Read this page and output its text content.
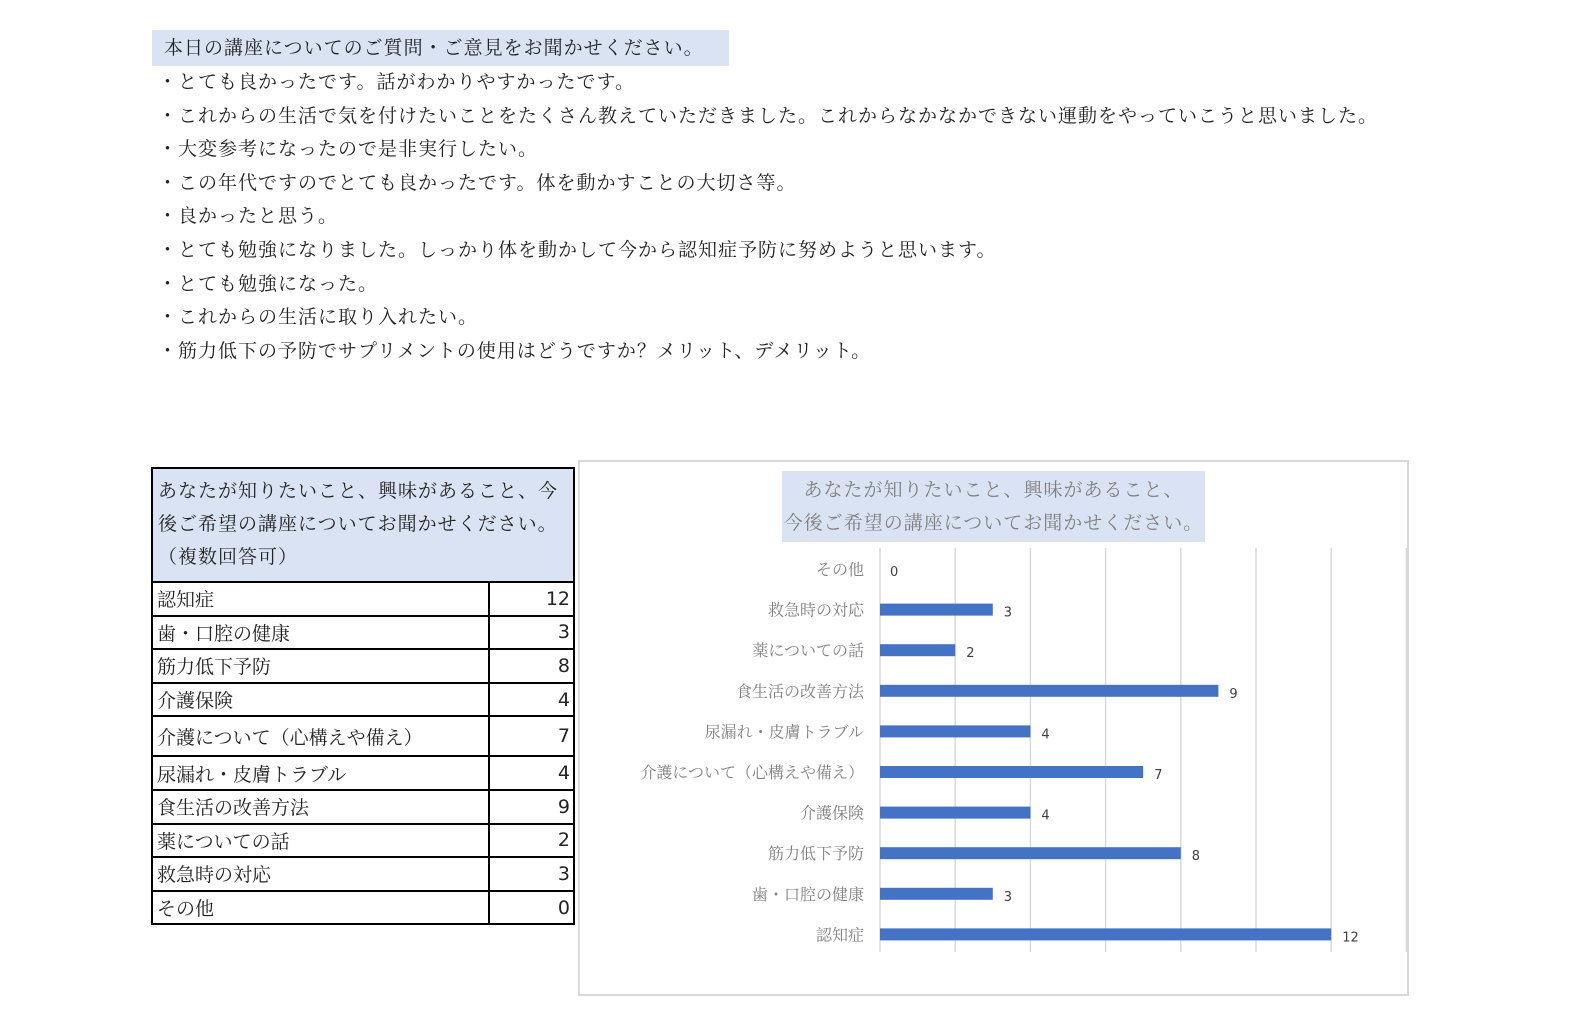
本日の講座についてのご質問・ご意見をお聞かせください。
・とても良かったです。話がわかりやすかったです。
・これからの生活で気を付けたいことをたくさん教えていただきました。これからなかなかできない運動をやっていこうと思いました。
・大変参考になったので是非実行したい。
・この年代ですのでとても良かったです。体を動かすことの大切さ等。
・良かったと思う。
・とても勉強になりました。しっかり体を動かして今から認知症予防に努めようと思います。
・とても勉強になった。
・これからの生活に取り入れたい。
・筋力低下の予防でサプリメントの使用はどうですか？メリット、デメリット。
あなたが知りたいこと、興味があること、今後ご希望の講座についてお聞かせください。（複数回答可）	
認知症	12
歯・口腔の健康	3
筋力低下予防	8
介護保険	4
介護について（心構えや備え）	7
尿漏れ・皮膚トラブル	4
食生活の改善方法	9
薬についての話	2
救急時の対応	3
その他	0
あなたが知りたいこと、興味があること、
今後ご希望の講座についてお聞かせください。
その他 0
救急時の対応	3
薬についての話	2
食生活の改善方法	9
尿漏れ・皮膚トラブル	4
介護について（心構えや備え）	7
介護保険	4
筋力低下予防	8
歯・口腔の健康	3
認知症	12
